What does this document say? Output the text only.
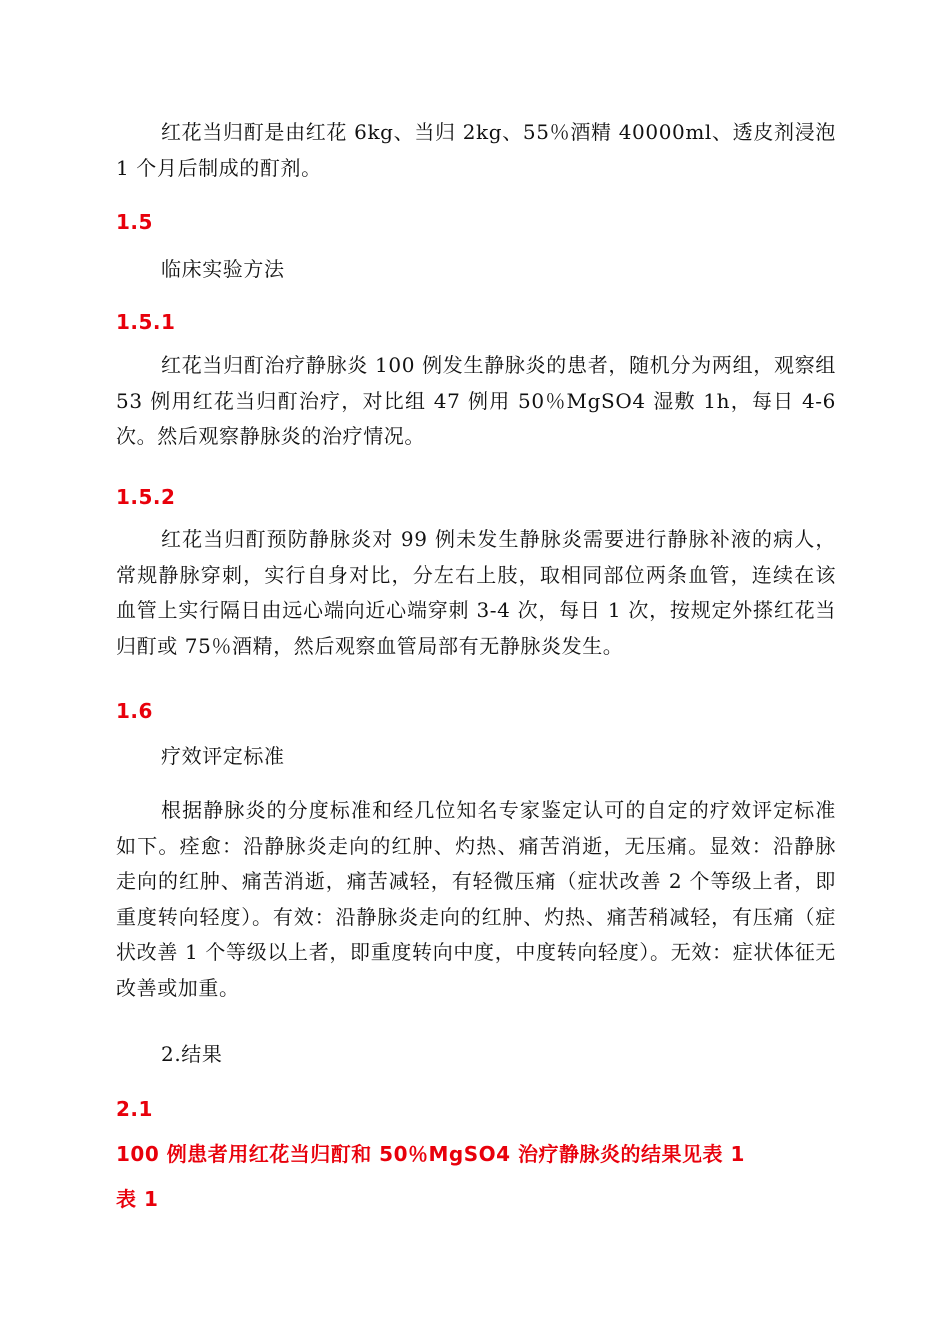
红花当归酊是由红花 6kg、当归 2kg、55％酒精 40000ml、透皮剂浸泡 1 个月后制成的酊剂。

1.5
临床实验方法
1.5.1

红花当归酊治疗静脉炎 100 例发生静脉炎的患者，随机分为两组，观察组 53 例用红花当归酊治疗，对比组 47 例用 50％MgSO4 湿敷 1h，每日 4-6 次。然后观察静脉炎的治疗情况。

1.5.2

红花当归酊预防静脉炎对 99 例未发生静脉炎需要进行静脉补液的病人，常规静脉穿刺，实行自身对比，分左右上肢，取相同部位两条血管，连续在该血管上实行隔日由远心端向近心端穿刺 3-4 次，每日 1 次，按规定外搽红花当归酊或 75％酒精，然后观察血管局部有无静脉炎发生。

1.6
疗效评定标准

根据静脉炎的分度标准和经几位知名专家鉴定认可的自定的疗效评定标准如下。痊愈：沿静脉炎走向的红肿、灼热、痛苦消逝，无压痛。显效：沿静脉走向的红肿、痛苦消逝，痛苦减轻，有轻微压痛（症状改善 2 个等级上者，即重度转向轻度）。有效：沿静脉炎走向的红肿、灼热、痛苦稍减轻，有压痛（症状改善 1 个等级以上者，即重度转向中度，中度转向轻度）。无效：症状体征无改善或加重。

2.结果
2.1
100 例患者用红花当归酊和 50％MgSO4 治疗静脉炎的结果见表 1
表 1
